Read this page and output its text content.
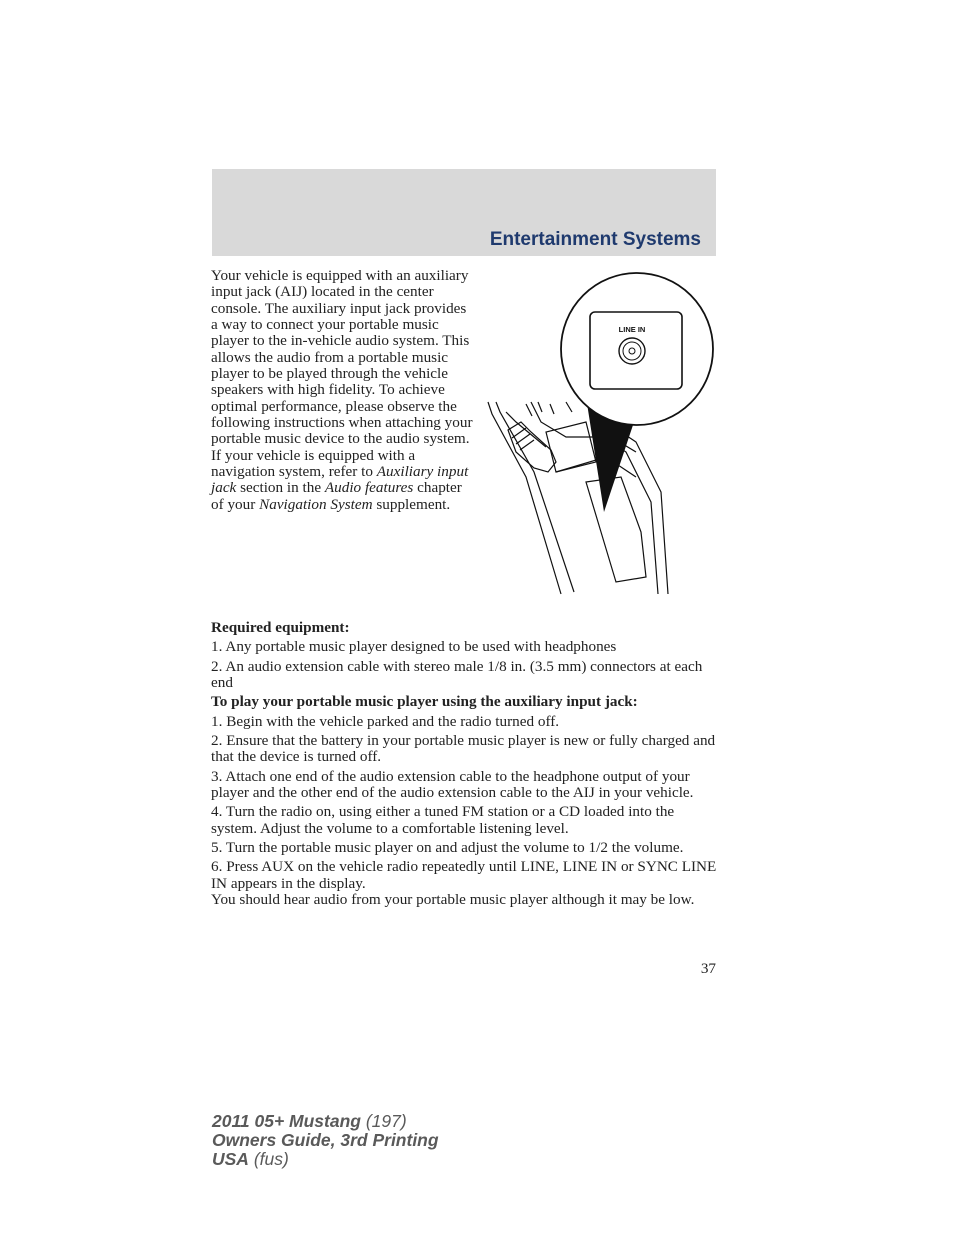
Entertainment Systems

Your vehicle is equipped with an auxiliary input jack (AIJ) located in the center console. The auxiliary input jack provides a way to connect your portable music player to the in-vehicle audio system. This allows the audio from a portable music player to be played through the vehicle speakers with high fidelity. To achieve optimal performance, please observe the following instructions when attaching your portable music device to the audio system.

If your vehicle is equipped with a navigation system, refer to Auxiliary input jack section in the Audio features chapter of your Navigation System supplement.

LINE IN

Required equipment:

1. Any portable music player designed to be used with headphones

2. An audio extension cable with stereo male 1/8 in. (3.5 mm) connectors at each end

To play your portable music player using the auxiliary input jack:

1. Begin with the vehicle parked and the radio turned off.

2. Ensure that the battery in your portable music player is new or fully charged and that the device is turned off.

3. Attach one end of the audio extension cable to the headphone output of your player and the other end of the audio extension cable to the AIJ in your vehicle.

4. Turn the radio on, using either a tuned FM station or a CD loaded into the system. Adjust the volume to a comfortable listening level.

5. Turn the portable music player on and adjust the volume to 1/2 the volume.

6. Press AUX on the vehicle radio repeatedly until LINE, LINE IN or SYNC LINE IN appears in the display.

You should hear audio from your portable music player although it may be low.

37
2011 05+ Mustang (197)
Owners Guide, 3rd Printing
USA (fus)
